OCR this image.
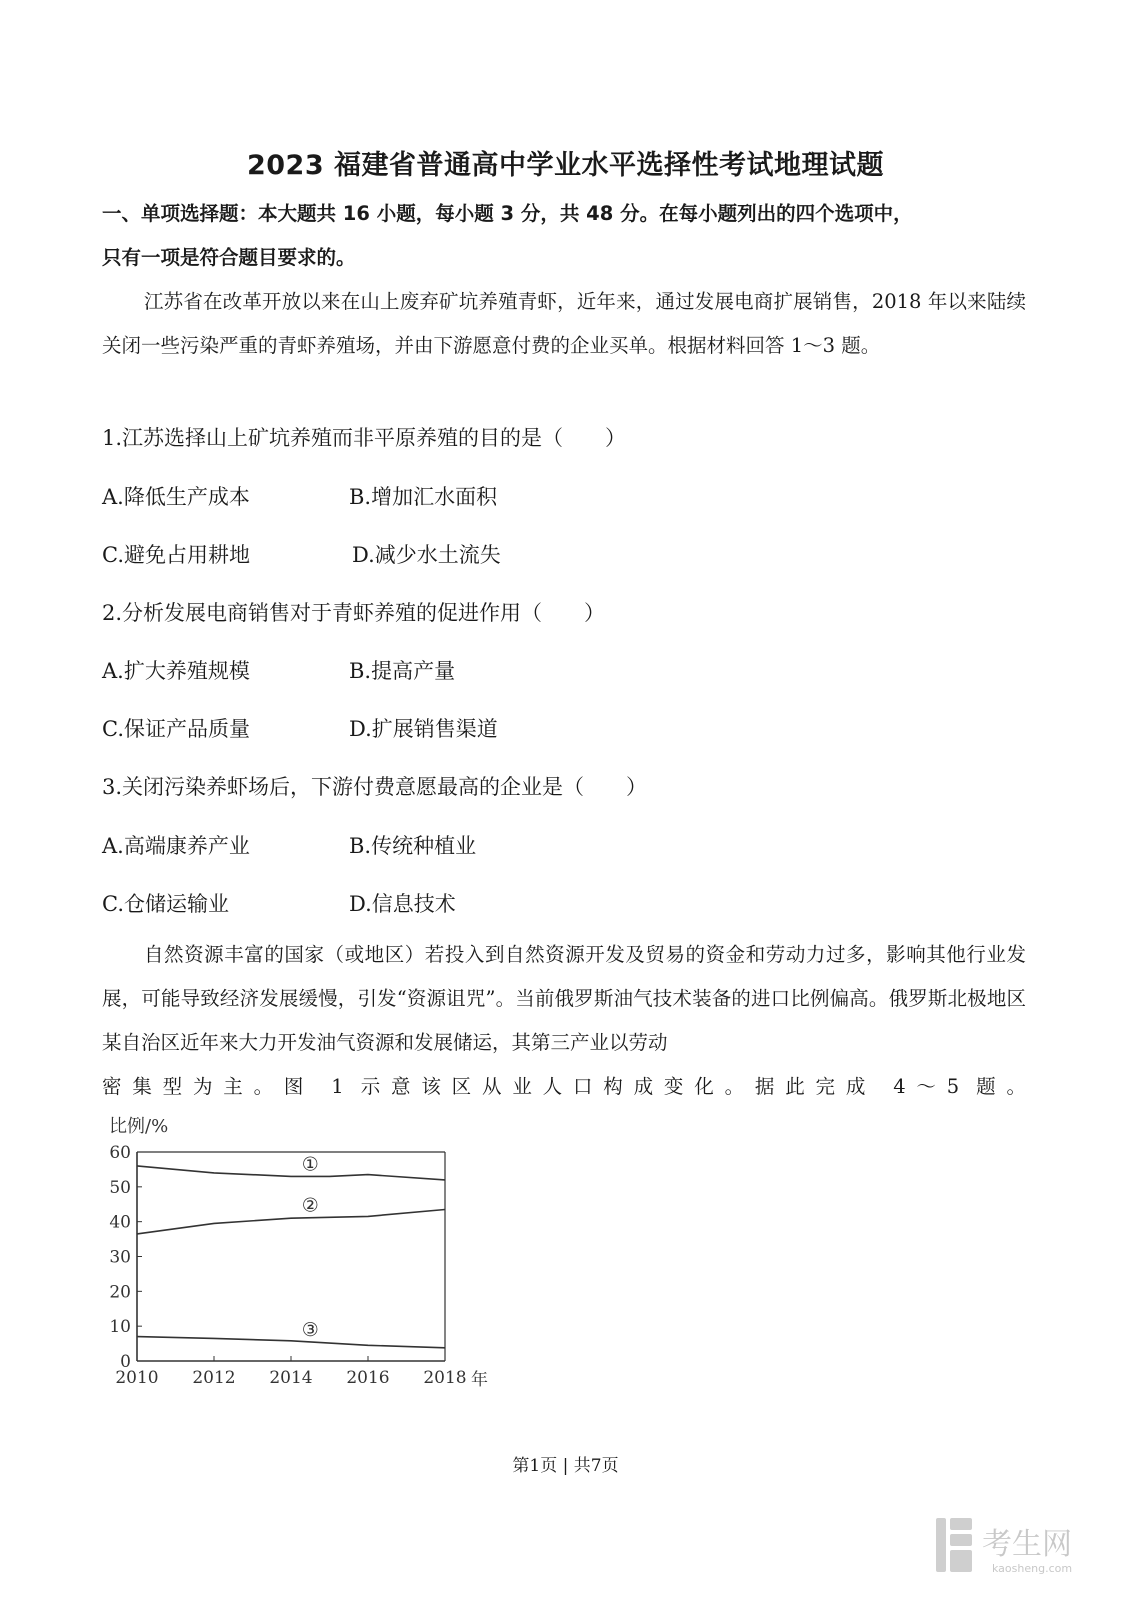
2023 福建省普通高中学业水平选择性考试地理试题
一、单项选择题：本大题共 16 小题，每小题 3 分，共 48 分。在每小题列出的四个选项中，
只有一项是符合题目要求的。
江苏省在改革开放以来在山上废弃矿坑养殖青虾，近年来，通过发展电商扩展销售，2018 年以来陆续关闭一些污染严重的青虾养殖场，并由下游愿意付费的企业买单。根据材料回答 1～3 题。
1.江苏选择山上矿坑养殖而非平原养殖的目的是（　　）
A.降低生产成本	B.增加汇水面积
C.避免占用耕地	D.减少水土流失
2.分析发展电商销售对于青虾养殖的促进作用（　　）
A.扩大养殖规模	B.提高产量
C.保证产品质量	D.扩展销售渠道
3.关闭污染养虾场后，下游付费意愿最高的企业是（　　）
A.高端康养产业	B.传统种植业
C.仓储运输业	D.信息技术
自然资源丰富的国家（或地区）若投入到自然资源开发及贸易的资金和劳动力过多，影响其他行业发展，可能导致经济发展缓慢，引发“资源诅咒”。当前俄罗斯油气技术装备的进口比例偏高。俄罗斯北极地区某自治区近年来大力开发油气资源和发展储运，其第三产业以劳动
密集型为主。图 1 示意该区从业人口构成变化。据此完成 4～5 题。
比例/%
0
10
20
30
40
50
60
2010 2012 2014 2016 2018 年
①
②
③
第1页 | 共7页
考生网
kaosheng.com
